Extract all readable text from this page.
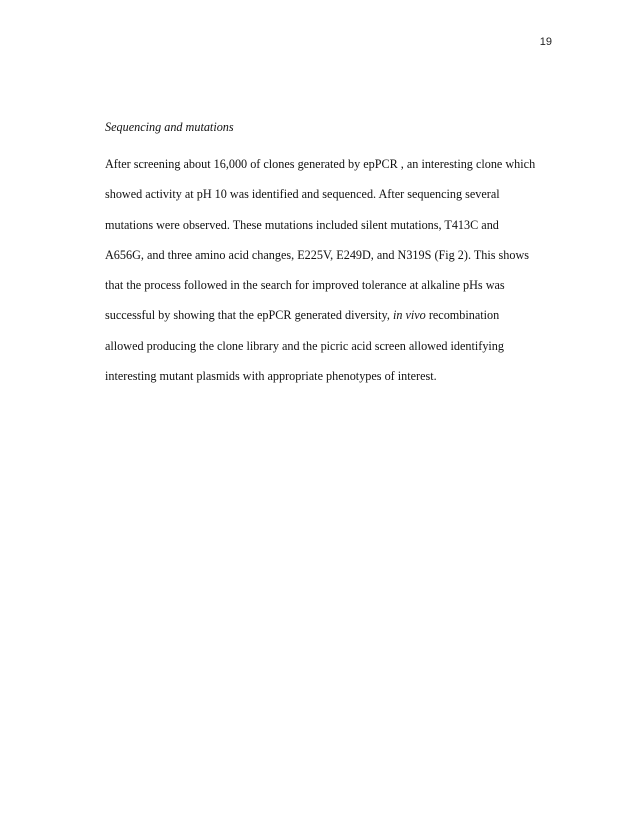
19
Sequencing and mutations
After screening about 16,000 of clones generated by epPCR , an interesting clone which
showed activity at pH 10 was identified and sequenced. After sequencing several
mutations were observed. These mutations included silent mutations, T413C and
A656G, and three amino acid changes, E225V, E249D, and N319S (Fig 2). This shows
that the process followed in the search for improved tolerance at alkaline pHs was
successful by showing that the epPCR generated diversity, in vivo recombination
allowed producing the clone library and the picric acid screen allowed identifying
interesting mutant plasmids with appropriate phenotypes of interest.
